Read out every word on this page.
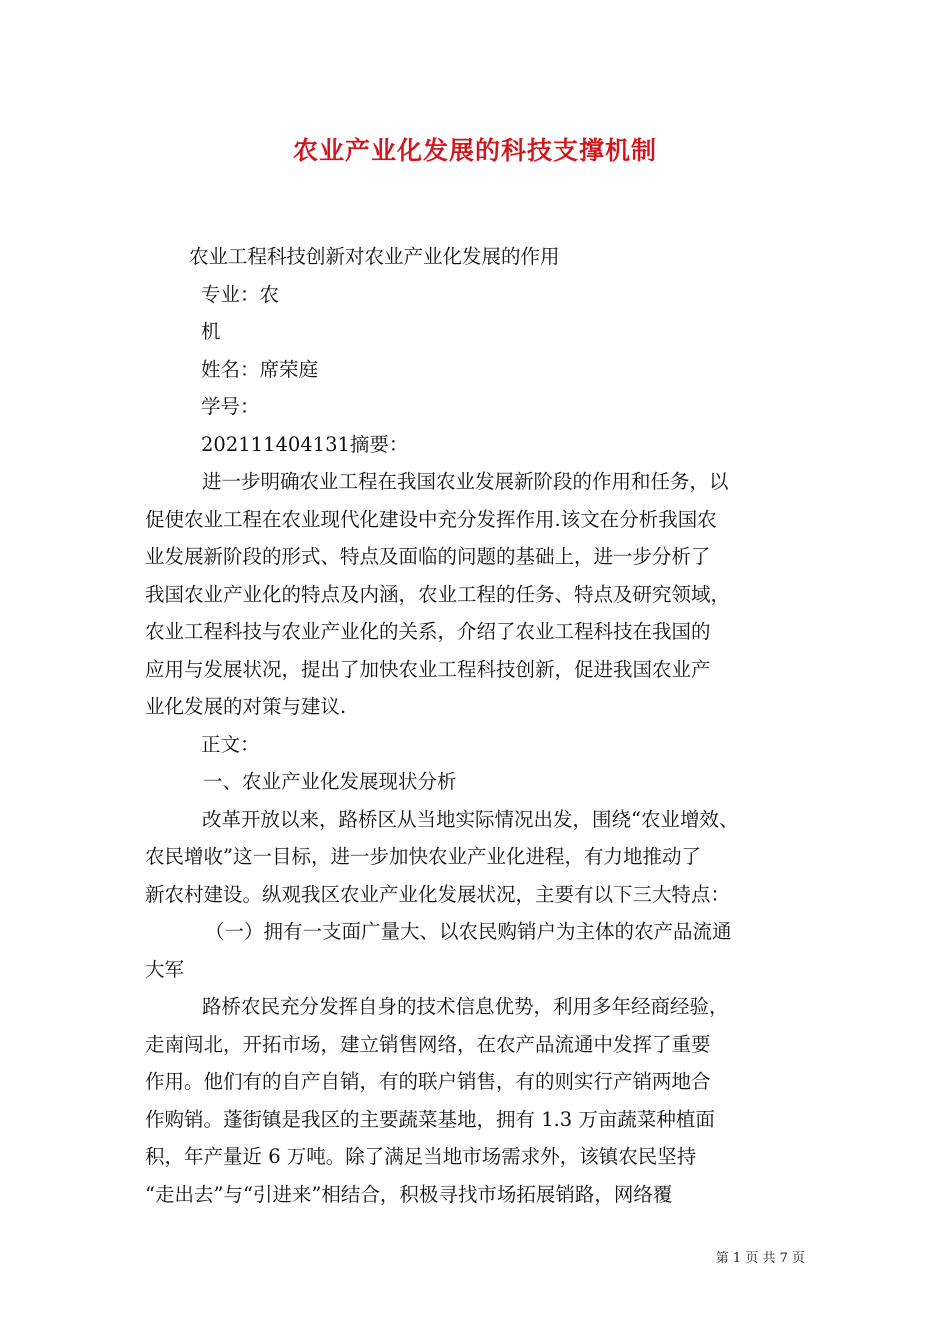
农业产业化发展的科技支撑机制

农业工程科技创新对农业产业化发展的作用

专业：农

机

姓名：席荣庭

学号：

202111404131摘要：

进一步明确农业工程在我国农业发展新阶段的作用和任务，以

促使农业工程在农业现代化建设中充分发挥作用.该文在分析我国农

业发展新阶段的形式、特点及面临的问题的基础上，进一步分析了

我国农业产业化的特点及内涵，农业工程的任务、特点及研究领域，

农业工程科技与农业产业化的关系，介绍了农业工程科技在我国的

应用与发展状况，提出了加快农业工程科技创新，促进我国农业产

业化发展的对策与建议.

正文：

一、农业产业化发展现状分析

改革开放以来，路桥区从当地实际情况出发，围绕“农业增效、

农民增收”这一目标，进一步加快农业产业化进程，有力地推动了

新农村建设。纵观我区农业产业化发展状况，主要有以下三大特点：

（一）拥有一支面广量大、以农民购销户为主体的农产品流通

大军

路桥农民充分发挥自身的技术信息优势，利用多年经商经验，

走南闯北，开拓市场，建立销售网络，在农产品流通中发挥了重要

作用。他们有的自产自销，有的联户销售，有的则实行产销两地合

作购销。蓬街镇是我区的主要蔬菜基地，拥有 1.3 万亩蔬菜种植面

积，年产量近 6 万吨。除了满足当地市场需求外，该镇农民坚持

“走出去”与“引进来”相结合，积极寻找市场拓展销路，网络覆

第 1 页 共 7 页
